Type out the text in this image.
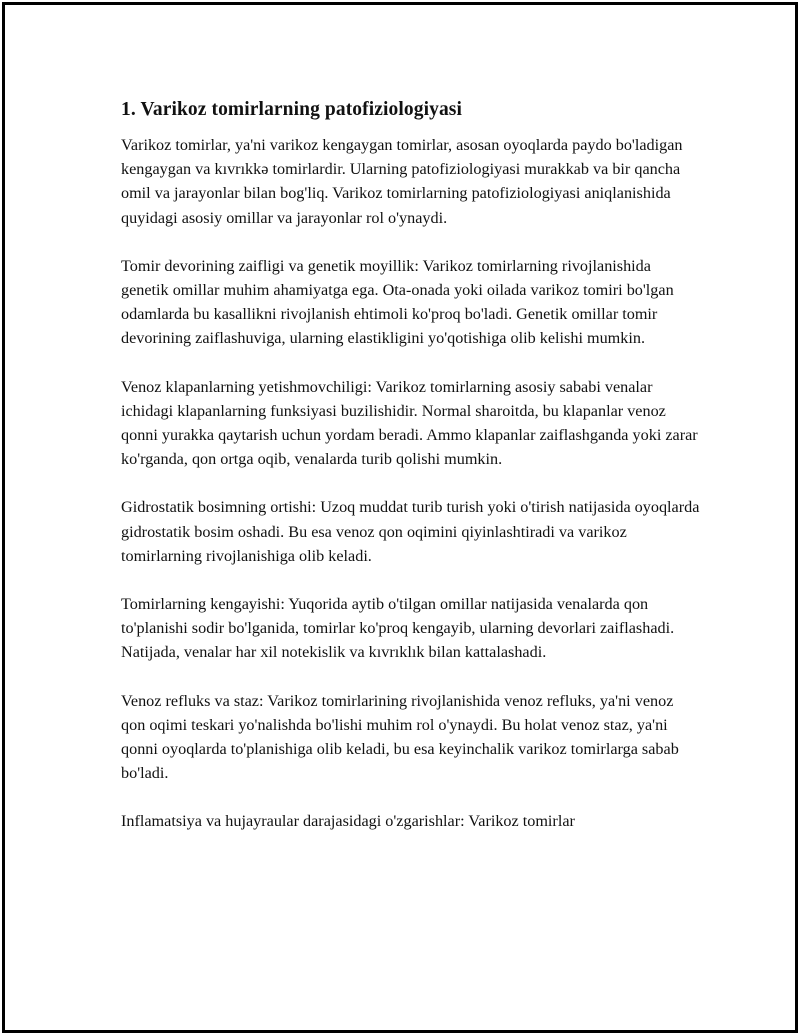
1. Varikoz tomirlarning patofiziologiyasi

Varikoz tomirlar, ya'ni varikoz kengaygan tomirlar, asosan oyoqlarda paydo bo'ladigan kengaygan va kıvrıkkə tomirlardir. Ularning patofiziologiyasi murakkab va bir qancha omil va jarayonlar bilan bog'liq. Varikoz tomirlarning patofiziologiyasi aniqlanishida quyidagi asosiy omillar va jarayonlar rol o'ynaydi.

Tomir devorining zaifligi va genetik moyillik: Varikoz tomirlarning rivojlanishida genetik omillar muhim ahamiyatga ega. Ota-onada yoki oilada varikoz tomiri bo'lgan odamlarda bu kasallikni rivojlanish ehtimoli ko'proq bo'ladi. Genetik omillar tomir devorining zaiflashuviga, ularning elastikligini yo'qotishiga olib kelishi mumkin.

Venoz klapanlarning yetishmovchiligi: Varikoz tomirlarning asosiy sababi venalar ichidagi klapanlarning funksiyasi buzilishidir. Normal sharoitda, bu klapanlar venoz qonni yurakka qaytarish uchun yordam beradi. Ammo klapanlar zaiflashganda yoki zarar ko'rganda, qon ortga oqib, venalarda turib qolishi mumkin.

Gidrostatik bosimning ortishi: Uzoq muddat turib turish yoki o'tirish natijasida oyoqlarda gidrostatik bosim oshadi. Bu esa venoz qon oqimini qiyinlashtiradi va varikoz tomirlarning rivojlanishiga olib keladi.

Tomirlarning kengayishi: Yuqorida aytib o'tilgan omillar natijasida venalarda qon to'planishi sodir bo'lganida, tomirlar ko'proq kengayib, ularning devorlari zaiflashadi. Natijada, venalar har xil notekislik va kıvrıklık bilan kattalashadi.

Venoz refluks va staz: Varikoz tomirlarining rivojlanishida venoz refluks, ya'ni venoz qon oqimi teskari yo'nalishda bo'lishi muhim rol o'ynaydi. Bu holat venoz staz, ya'ni qonni oyoqlarda to'planishiga olib keladi, bu esa keyinchalik varikoz tomirlarga sabab bo'ladi.

Inflamatsiya va hujayraular darajasidagi o'zgarishlar: Varikoz tomirlar
